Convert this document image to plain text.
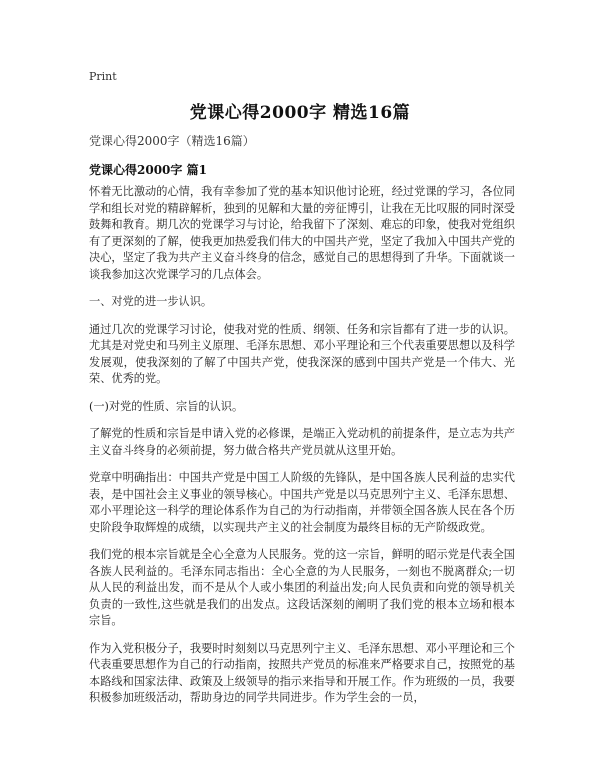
Print
党课心得2000字 精选16篇
党课心得2000字（精选16篇）
党课心得2000字 篇1

怀着无比激动的心情，我有幸参加了党的基本知识他讨论班，经过党课的学习，各位同学和组长对党的精辟解析，独到的见解和大量的旁征博引，让我在无比叹服的同时深受鼓舞和教育。期几次的党课学习与讨论，给我留下了深刻、难忘的印象，使我对党组织有了更深刻的了解，使我更加热爱我们伟大的中国共产党，坚定了我加入中国共产党的决心，坚定了我为共产主义奋斗终身的信念，感觉自己的思想得到了升华。下面就谈一谈我参加这次党课学习的几点体会。

一、对党的进一步认识。

通过几次的党课学习讨论，使我对党的性质、纲领、任务和宗旨都有了进一步的认识。尤其是对党史和马列主义原理、毛泽东思想、邓小平理论和三个代表重要思想以及科学发展观，使我深刻的了解了中国共产党，使我深深的感到中国共产党是一个伟大、光荣、优秀的党。

(一)对党的性质、宗旨的认识。

了解党的性质和宗旨是申请入党的必修课，是端正入党动机的前提条件，是立志为共产主义奋斗终身的必须前提，努力做合格共产党员就从这里开始。

党章中明确指出：中国共产党是中国工人阶级的先锋队，是中国各族人民利益的忠实代表，是中国社会主义事业的领导核心。中国共产党是以马克思列宁主义、毛泽东思想、邓小平理论这一科学的理论体系作为自己的为行动指南，并带领全国各族人民在各个历史阶段争取辉煌的成绩，以实现共产主义的社会制度为最终目标的无产阶级政党。

我们党的根本宗旨就是全心全意为人民服务。党的这一宗旨，鲜明的昭示党是代表全国各族人民利益的。毛泽东同志指出：全心全意的为人民服务，一刻也不脱离群众;一切从人民的利益出发，而不是从个人或小集团的利益出发;向人民负责和向党的领导机关负责的一致性,这些就是我们的出发点。这段话深刻的阐明了我们党的根本立场和根本宗旨。

作为入党积极分子，我要时时刻刻以马克思列宁主义、毛泽东思想、邓小平理论和三个代表重要思想作为自己的行动指南，按照共产党员的标准来严格要求自己，按照党的基本路线和国家法律、政策及上级领导的指示来指导和开展工作。作为班级的一员，我要积极参加班级活动，帮助身边的同学共同进步。作为学生会的一员，
